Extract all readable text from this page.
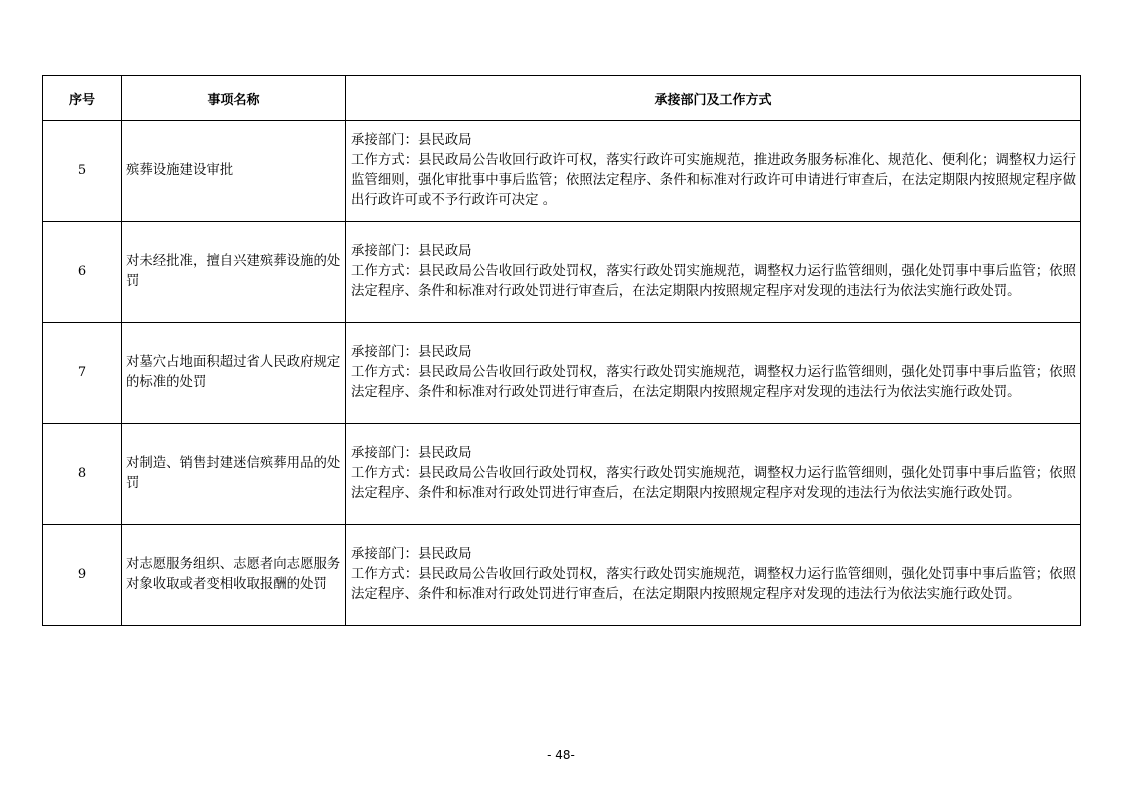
序号	事项名称	承接部门及工作方式
5	殡葬设施建设审批	承接部门：县民政局
工作方式：县民政局公告收回行政许可权，落实行政许可实施规范，推进政务服务标准化、规范化、便利化；调整权力运行监管细则，强化审批事中事后监管；依照法定程序、条件和标准对行政许可申请进行审查后，在法定期限内按照规定程序做出行政许可或不予行政许可决定 。

6	对未经批准，擅自兴建殡葬设施的处罚	承接部门：县民政局
工作方式：县民政局公告收回行政处罚权，落实行政处罚实施规范，调整权力运行监管细则，强化处罚事中事后监管；依照法定程序、条件和标准对行政处罚进行审查后，在法定期限内按照规定程序对发现的违法行为依法实施行政处罚。

7	对墓穴占地面积超过省人民政府规定的标准的处罚	承接部门：县民政局
工作方式：县民政局公告收回行政处罚权，落实行政处罚实施规范，调整权力运行监管细则，强化处罚事中事后监管；依照法定程序、条件和标准对行政处罚进行审查后，在法定期限内按照规定程序对发现的违法行为依法实施行政处罚。

8	对制造、销售封建迷信殡葬用品的处罚	承接部门：县民政局
工作方式：县民政局公告收回行政处罚权，落实行政处罚实施规范，调整权力运行监管细则，强化处罚事中事后监管；依照法定程序、条件和标准对行政处罚进行审查后，在法定期限内按照规定程序对发现的违法行为依法实施行政处罚。

9	对志愿服务组织、志愿者向志愿服务对象收取或者变相收取报酬的处罚	承接部门：县民政局
工作方式：县民政局公告收回行政处罚权，落实行政处罚实施规范，调整权力运行监管细则，强化处罚事中事后监管；依照法定程序、条件和标准对行政处罚进行审查后，在法定期限内按照规定程序对发现的违法行为依法实施行政处罚。
- 48-
